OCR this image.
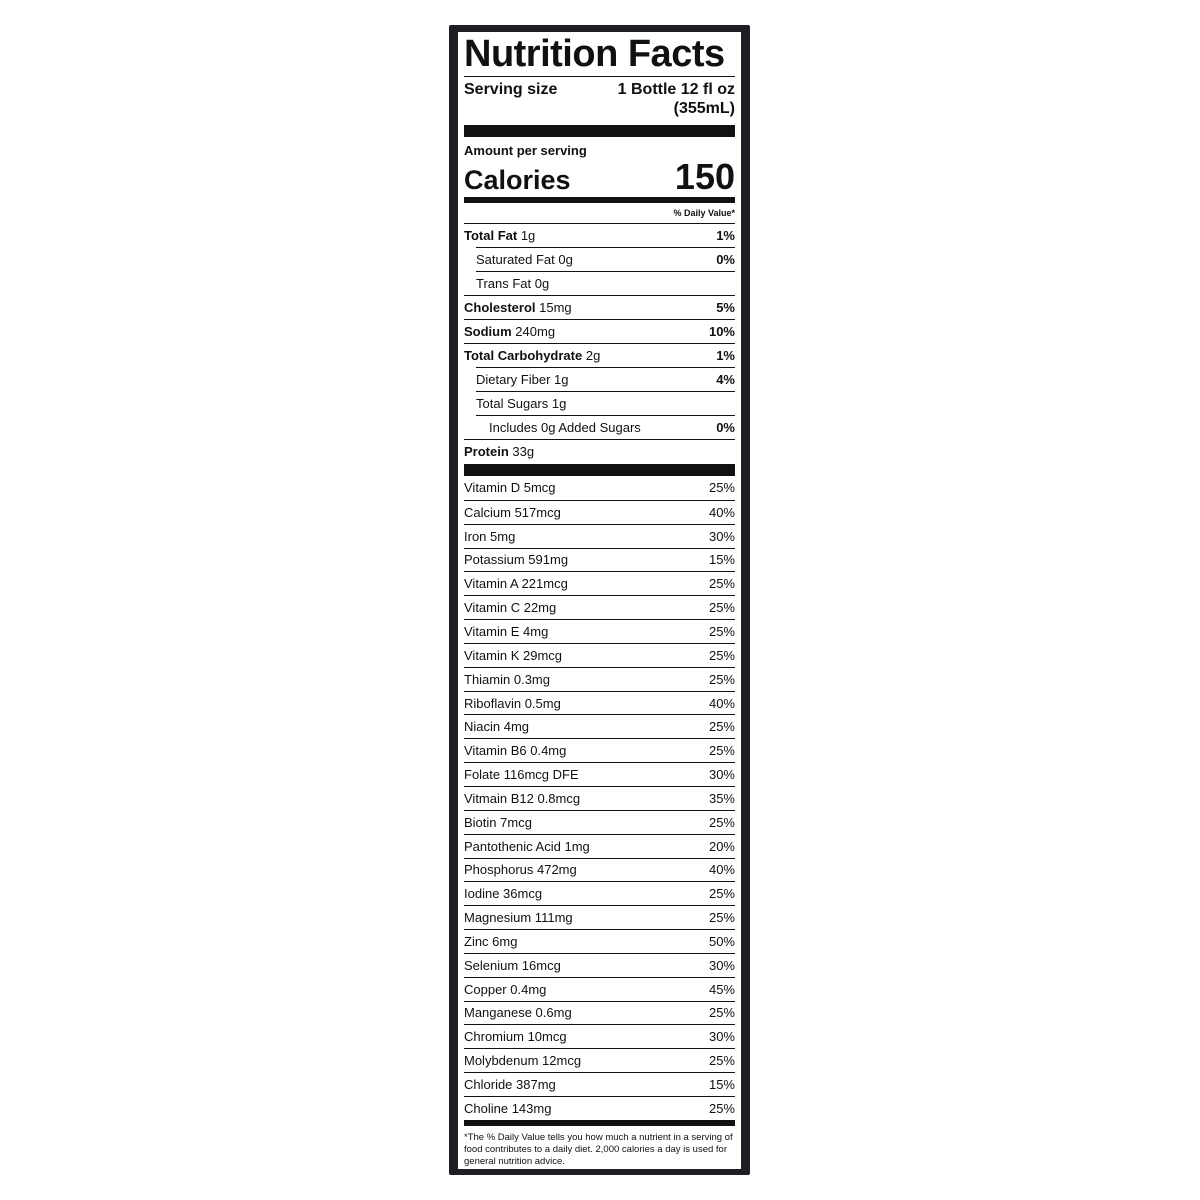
Nutrition Facts
Serving size	1 Bottle 12 fl oz (355mL)
Amount per serving
Calories	150
% Daily Value*
Total Fat 1g	1%
Saturated Fat 0g	0%
Trans Fat 0g
Cholesterol 15mg	5%
Sodium 240mg	10%
Total Carbohydrate 2g	1%
Dietary Fiber 1g	4%
Total Sugars 1g
Includes 0g Added Sugars	0%
Protein 33g
Vitamin D 5mcg	25%
Calcium 517mcg	40%
Iron 5mg	30%
Potassium 591mg	15%
Vitamin A 221mcg	25%
Vitamin C 22mg	25%
Vitamin E 4mg	25%
Vitamin K 29mcg	25%
Thiamin 0.3mg	25%
Riboflavin 0.5mg	40%
Niacin 4mg	25%
Vitamin B6 0.4mg	25%
Folate 116mcg DFE	30%
Vitmain B12 0.8mcg	35%
Biotin 7mcg	25%
Pantothenic Acid 1mg	20%
Phosphorus 472mg	40%
Iodine 36mcg	25%
Magnesium 111mg	25%
Zinc 6mg	50%
Selenium 16mcg	30%
Copper 0.4mg	45%
Manganese 0.6mg	25%
Chromium 10mcg	30%
Molybdenum 12mcg	25%
Chloride 387mg	15%
Choline 143mg	25%
*The % Daily Value tells you how much a nutrient in a serving of food contributes to a daily diet. 2,000 calories a day is used for general nutrition advice.
